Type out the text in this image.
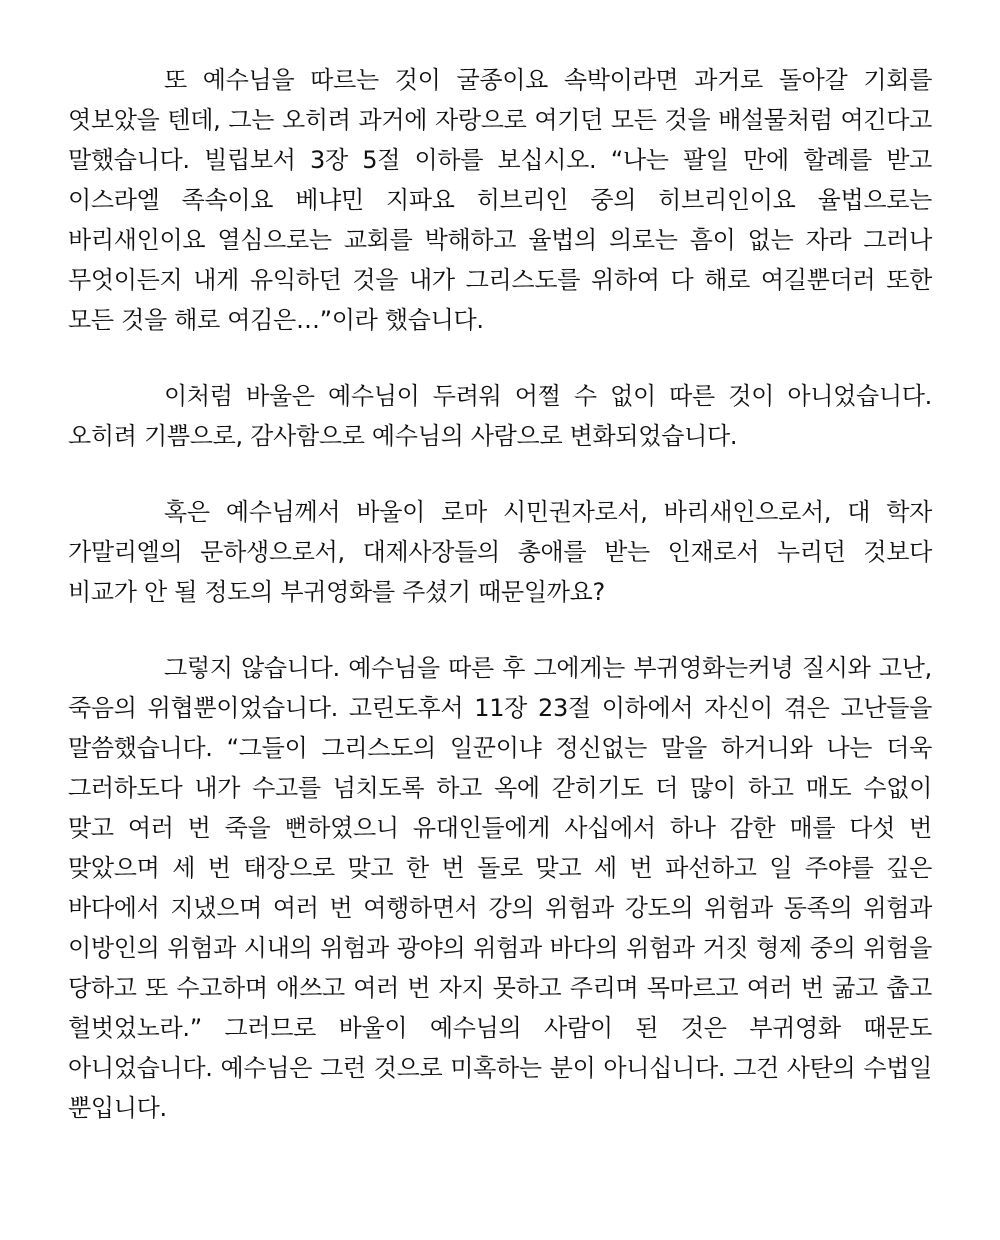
또 예수님을 따르는 것이 굴종이요 속박이라면 과거로 돌아갈 기회를 엿보았을 텐데, 그는 오히려 과거에 자랑으로 여기던 모든 것을 배설물처럼 여긴다고 말했습니다. 빌립보서 3장 5절 이하를 보십시오. “나는 팔일 만에 할례를 받고 이스라엘 족속이요 베냐민 지파요 히브리인 중의 히브리인이요 율법으로는 바리새인이요 열심으로는 교회를 박해하고 율법의 의로는 흠이 없는 자라 그러나 무엇이든지 내게 유익하던 것을 내가 그리스도를 위하여 다 해로 여길뿐더러 또한 모든 것을 해로 여김은…”이라 했습니다.

이처럼 바울은 예수님이 두려워 어쩔 수 없이 따른 것이 아니었습니다. 오히려 기쁨으로, 감사함으로 예수님의 사람으로 변화되었습니다.

혹은 예수님께서 바울이 로마 시민권자로서, 바리새인으로서, 대 학자 가말리엘의 문하생으로서, 대제사장들의 총애를 받는 인재로서 누리던 것보다 비교가 안 될 정도의 부귀영화를 주셨기 때문일까요?

그렇지 않습니다. 예수님을 따른 후 그에게는 부귀영화는커녕 질시와 고난, 죽음의 위협뿐이었습니다. 고린도후서 11장 23절 이하에서 자신이 겪은 고난들을 말씀했습니다. “그들이 그리스도의 일꾼이냐 정신없는 말을 하거니와 나는 더욱 그러하도다 내가 수고를 넘치도록 하고 옥에 갇히기도 더 많이 하고 매도 수없이 맞고 여러 번 죽을 뻔하였으니 유대인들에게 사십에서 하나 감한 매를 다섯 번 맞았으며 세 번 태장으로 맞고 한 번 돌로 맞고 세 번 파선하고 일 주야를 깊은 바다에서 지냈으며 여러 번 여행하면서 강의 위험과 강도의 위험과 동족의 위험과 이방인의 위험과 시내의 위험과 광야의 위험과 바다의 위험과 거짓 형제 중의 위험을 당하고 또 수고하며 애쓰고 여러 번 자지 못하고 주리며 목마르고 여러 번 굶고 춥고 헐벗었노라.” 그러므로 바울이 예수님의 사람이 된 것은 부귀영화 때문도 아니었습니다. 예수님은 그런 것으로 미혹하는 분이 아니십니다. 그건 사탄의 수법일 뿐입니다.
